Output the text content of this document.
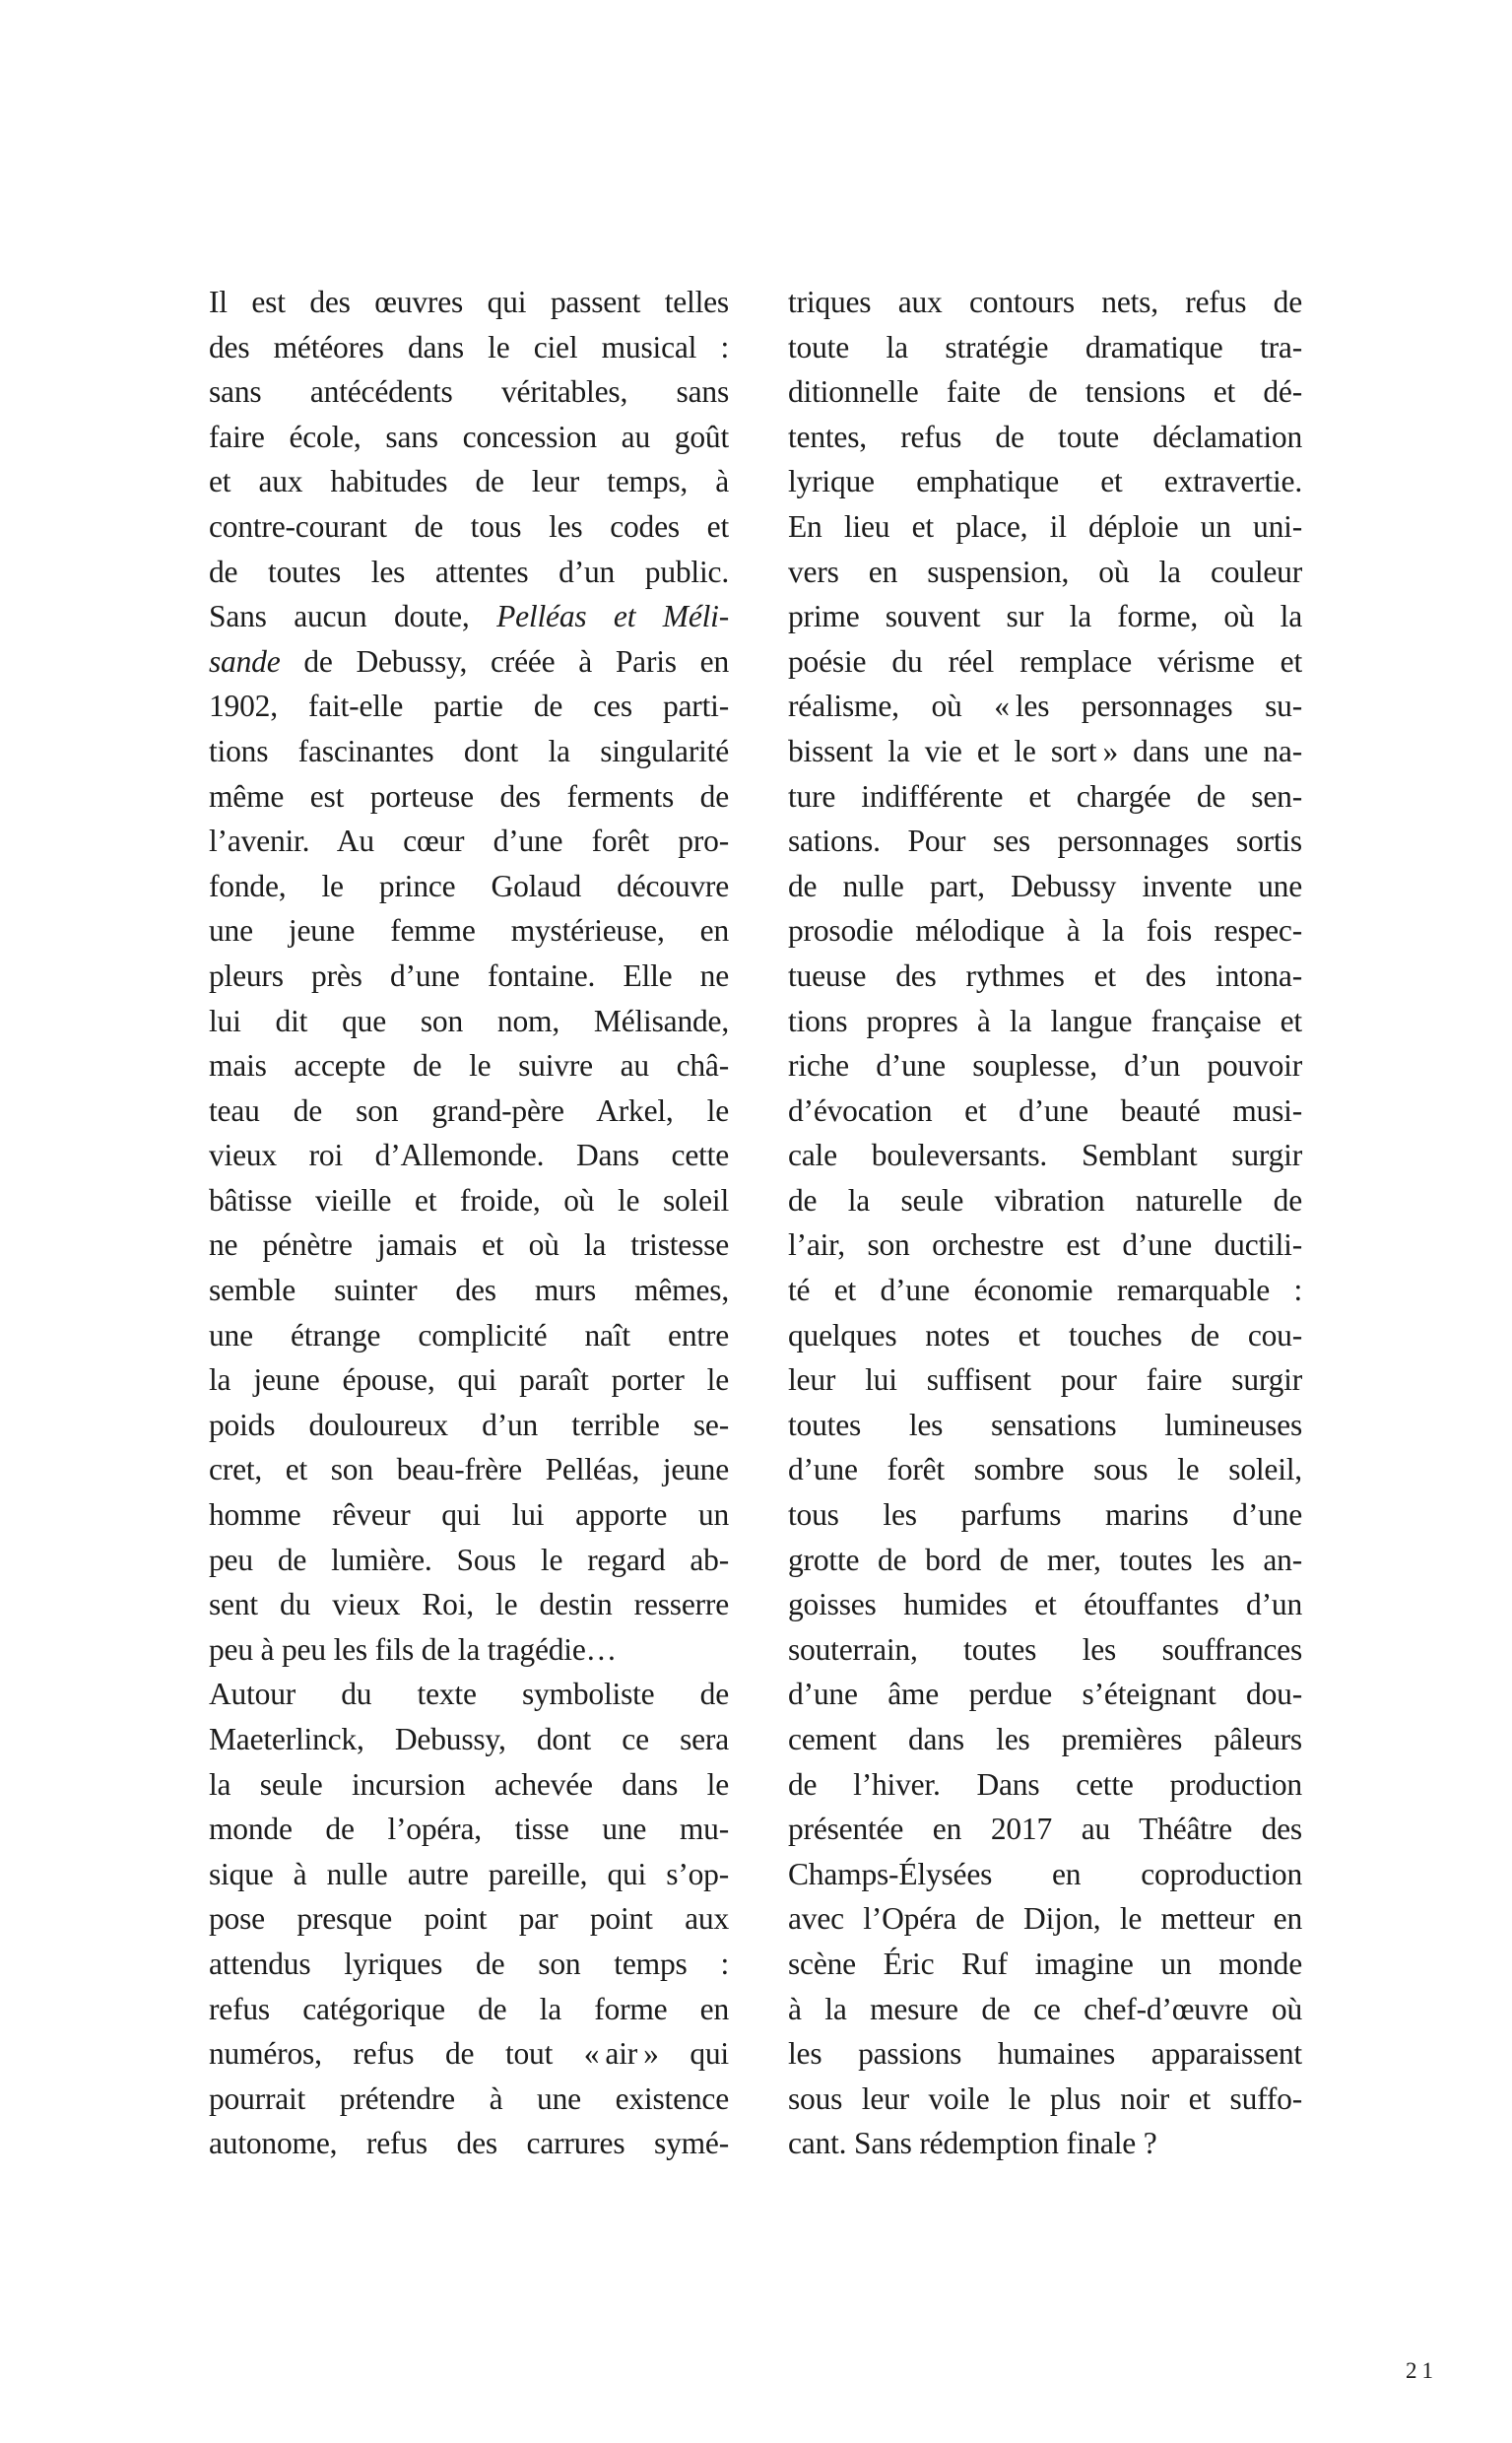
Il est des œuvres qui passent telles
des météores dans le ciel musical :
sans antécédents véritables, sans
faire école, sans concession au goût
et aux habitudes de leur temps, à
contre-courant de tous les codes et
de toutes les attentes d’un public.
Sans aucun doute, Pelléas et Méli-
sande de Debussy, créée à Paris en
1902, fait-elle partie de ces parti-
tions fascinantes dont la singularité
même est porteuse des ferments de
l’avenir. Au cœur d’une forêt pro-
fonde, le prince Golaud découvre
une jeune femme mystérieuse, en
pleurs près d’une fontaine. Elle ne
lui dit que son nom, Mélisande,
mais accepte de le suivre au châ-
teau de son grand-père Arkel, le
vieux roi d’Allemonde. Dans cette
bâtisse vieille et froide, où le soleil
ne pénètre jamais et où la tristesse
semble suinter des murs mêmes,
une étrange complicité naît entre
la jeune épouse, qui paraît porter le
poids douloureux d’un terrible se-
cret, et son beau-frère Pelléas, jeune
homme rêveur qui lui apporte un
peu de lumière. Sous le regard ab-
sent du vieux Roi, le destin resserre
peu à peu les fils de la tragédie…
Autour du texte symboliste de
Maeterlinck, Debussy, dont ce sera
la seule incursion achevée dans le
monde de l’opéra, tisse une mu-
sique à nulle autre pareille, qui s’op-
pose presque point par point aux
attendus lyriques de son temps :
refus catégorique de la forme en
numéros, refus de tout « air » qui
pourrait prétendre à une existence
autonome, refus des carrures symé-
triques aux contours nets, refus de
toute la stratégie dramatique tra-
ditionnelle faite de tensions et dé-
tentes, refus de toute déclamation
lyrique emphatique et extravertie.
En lieu et place, il déploie un uni-
vers en suspension, où la couleur
prime souvent sur la forme, où la
poésie du réel remplace vérisme et
réalisme, où « les personnages su-
bissent la vie et le sort » dans une na-
ture indifférente et chargée de sen-
sations. Pour ses personnages sortis
de nulle part, Debussy invente une
prosodie mélodique à la fois respec-
tueuse des rythmes et des intona-
tions propres à la langue française et
riche d’une souplesse, d’un pouvoir
d’évocation et d’une beauté musi-
cale bouleversants. Semblant surgir
de la seule vibration naturelle de
l’air, son orchestre est d’une ductili-
té et d’une économie remarquable :
quelques notes et touches de cou-
leur lui suffisent pour faire surgir
toutes les sensations lumineuses
d’une forêt sombre sous le soleil,
tous les parfums marins d’une
grotte de bord de mer, toutes les an-
goisses humides et étouffantes d’un
souterrain, toutes les souffrances
d’une âme perdue s’éteignant dou-
cement dans les premières pâleurs
de l’hiver. Dans cette production
présentée en 2017 au Théâtre des
Champs-Élysées en coproduction
avec l’Opéra de Dijon, le metteur en
scène Éric Ruf imagine un monde
à la mesure de ce chef-d’œuvre où
les passions humaines apparaissent
sous leur voile le plus noir et suffo-
cant. Sans rédemption finale ?
21
